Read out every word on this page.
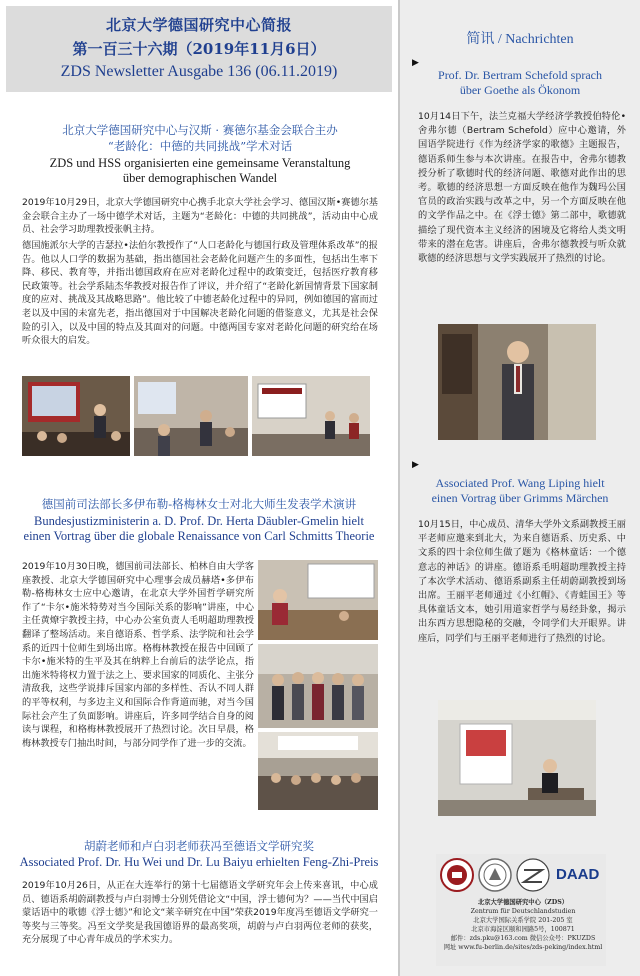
北京大学德国研究中心简报
第一百三十六期（2019年11月6日）
ZDS Newsletter Ausgabe 136 (06.11.2019)
北京大学德国研究中心与汉斯 · 赛德尔基金会联合主办
“老龄化：中德的共同挑战”学术对话
ZDS und HSS organisierten eine gemeinsame Veranstaltung
über demographischen Wandel
2019年10月29日，北京大学德国研究中心携手北京大学社会学习、德国汉斯•赛德尔基金会联合主办了一场中德学术对话，主题为“老龄化：中德的共同挑战”，活动由中心成员、社会学习助理教授张帆主持。
德国施派尔大学的吉瑟拉•法伯尔教授作了“人口老龄化与德国行政及管理体系改革”的报告。他以人口学的数据为基础，指出德国社会老龄化问题产生的多面性，包括出生率下降、移民、教育等，并指出德国政府在应对老龄化过程中的政策变迁，包括医疗教育移民政策等。社会学系陆杰华教授对报告作了评议，并介绍了“老龄化新国情背景下国家制度的应对、挑战及其战略思路”。他比较了中德老龄化过程中的异同，例如德国的富而过老以及中国的未富先老，指出德国对于中国解决老龄化问题的借鉴意义，尤其是社会保险的引入，以及中国的特点及其面对的问题。中德两国专家对老龄化问题的研究给在场听众很大的启发。
德国前司法部长多伊布勒-格梅林女士对北大师生发表学术演讲
Bundesjustizministerin a. D. Prof. Dr. Herta Däubler-Gmelin hielt
einen Vortrag über die globale Renaissance von Carl Schmitts Theorie
2019年10月30日晚，德国前司法部长、柏林自由大学客座教授、北京大学德国研究中心理事会成员赫塔•多伊布勒-格梅林女士应中心邀请，在北京大学外国哲学研究所作了“卡尔•施米特势对当今国际关系的影响”讲座，中心主任黄燎宇教授主持，中心办公室负责人毛明超助理教授翻译了整场活动。来自德语系、哲学系、法学院和社会学系的近四十位师生到场出席。格梅林教授在报告中回顾了卡尔•施米特的生平及其在纳粹上台前后的法学论点，指出施米特将权力置于法之上、要求国家的同质化、主张分清敌我，这些学说排斥国家内部的多样性、否认不同人群的平等权利，与多边主义和国际合作背道而驰，对当今国际社会产生了负面影响。讲座后，许多同学结合自身的阅读与课程，和格梅林教授展开了热烈讨论。次日早晨，格梅林教授专门抽出时间，与部分同学作了进一步的交流。
胡蔚老师和卢白羽老师获冯至德语文学研究奖
Associated Prof. Dr. Hu Wei und Dr. Lu Baiyu erhielten Feng-Zhi-Preis
2019年10月26日，从正在大连举行的第十七届德语文学研究年会上传来喜讯，中心成员、德语系胡蔚副教授与卢白羽博士分别凭借论文“中国，浮士德何为？——当代中国启蒙话语中的歌德《浮士德》”和论文“莱辛研究在中国”荣获2019年度冯至德语文学研究一等奖与三等奖。冯至文学奖是我国德语界的最高奖项，胡蔚与卢白羽两位老师的获奖，充分展现了中心青年成员的学术实力。
简讯 / Nachrichten
▶
Prof. Dr. Bertram Schefold sprach
über Goethe als Ökonom
10月14日下午，法兰克福大学经济学教授伯特伦•舍弗尔德（Bertram Schefold）应中心邀请，外国语学院进行《作为经济学家的歌德》主题报告，德语系师生参与本次讲座。在报告中，舍弗尔德教授分析了歌德时代的经济问题、歌德对此作出的思考。歌德的经济思想一方面反映在他作为魏玛公国官员的政治实践与改革之中，另一个方面反映在他的文学作品之中。在《浮士德》第二部中，歌德就描绘了现代资本主义经济的困境及它将给人类文明带来的潜在危害。讲座后，舍弗尔德教授与听众就歌德的经济思想与文学实践展开了热烈的讨论。
▶
Associated Prof. Wang Liping hielt
einen Vortrag über Grimms Märchen
10月15日，中心成员、清华大学外文系副教授王丽平老师应邀来到北大，为来自德语系、历史系、中文系的四十余位师生做了题为《格林童话：一个德意志的神话》的讲座。德语系毛明超助理教授主持了本次学术活动、德语系副系主任胡蔚副教授到场出席。王丽平老师通过《小红帽》、《青蛙国王》等具体童话文本，她引用道家哲学与易经卦象，揭示出东西方思想隐秘的交融，令同学们大开眼界。讲座后，同学们与王丽平老师进行了热烈的讨论。
DAAD
北京大学德国研究中心（ZDS）
Zentrum für Deutschlandstudien
北京大学国际关系学院 201-205 室
北京市海淀区颐和园路5号，100871
邮件：zds.pku@163.com 微信公众号：PKUZDS
网址 www.fu-berlin.de/sites/zds-peking/index.html
